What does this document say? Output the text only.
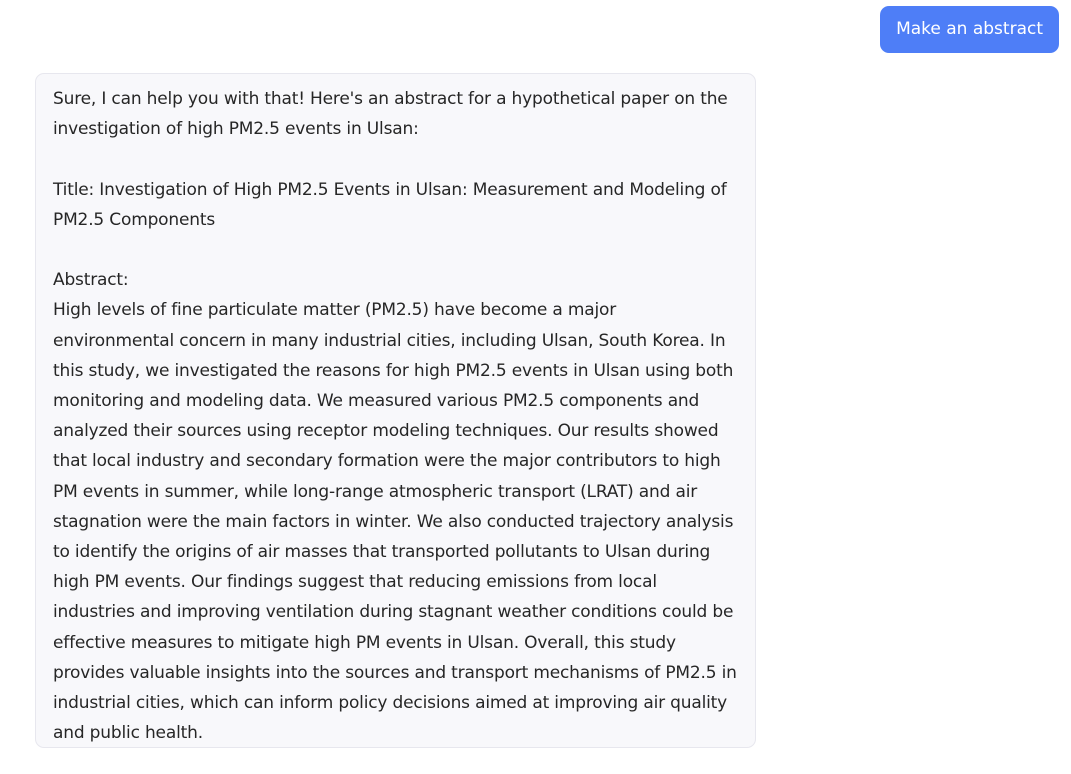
Make an abstract
Sure, I can help you with that! Here's an abstract for a hypothetical paper on the investigation of high PM2.5 events in Ulsan:

Title: Investigation of High PM2.5 Events in Ulsan: Measurement and Modeling of PM2.5 Components

Abstract:
High levels of fine particulate matter (PM2.5) have become a major environmental concern in many industrial cities, including Ulsan, South Korea. In this study, we investigated the reasons for high PM2.5 events in Ulsan using both monitoring and modeling data. We measured various PM2.5 components and analyzed their sources using receptor modeling techniques. Our results showed that local industry and secondary formation were the major contributors to high PM events in summer, while long-range atmospheric transport (LRAT) and air stagnation were the main factors in winter. We also conducted trajectory analysis to identify the origins of air masses that transported pollutants to Ulsan during high PM events. Our findings suggest that reducing emissions from local industries and improving ventilation during stagnant weather conditions could be effective measures to mitigate high PM events in Ulsan. Overall, this study provides valuable insights into the sources and transport mechanisms of PM2.5 in industrial cities, which can inform policy decisions aimed at improving air quality and public health.
